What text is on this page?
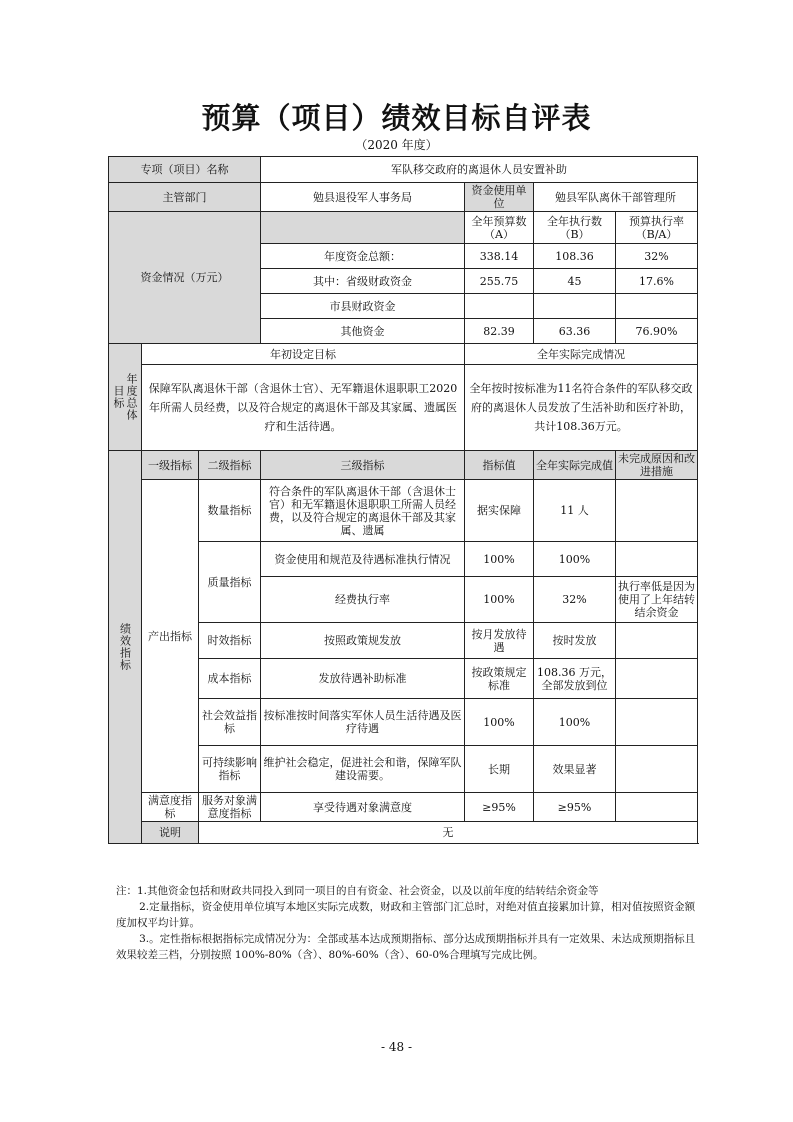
预算（项目）绩效目标自评表
（2020 年度）
专项（项目）名称			军队移交政府的离退休人员安置补助			
主管部门			勉县退役军人事务局	资金使用单位	勉县军队离休干部管理所	
资金情况（万元）				全年预算数（A）	全年执行数（B）	预算执行率（B/A）
			年度资金总额：	338.14	108.36	32%
			其中：省级财政资金	255.75	45	17.6%
			市县财政资金			
			其他资金	82.39	63.36	76.90%

年度总体目标	年初设定目标			全年实际完成情况		
	保障军队离退休干部（含退休士官）、无军籍退休退职职工2020 年所需人员经费，以及符合规定的离退休干部及其家属、遗属医疗和生活待遇。			全年按时按标准为11名符合条件的军队移交政府的离退休人员发放了生活补助和医疗补助，共计108.36万元。		

绩效指标	一级指标	二级指标	三级指标	指标值	全年实际完成值	未完成原因和改进措施
	产出指标	数量指标	符合条件的军队离退休干部（含退休士官）和无军籍退休退职职工所需人员经费，以及符合规定的离退休干部及其家属、遗属	据实保障	11 人	
		质量指标	资金使用和规范及待遇标准执行情况	100%	100%	
			经费执行率	100%	32%	执行率低是因为使用了上年结转结余资金
		时效指标	按照政策规发放	按月发放待遇	按时发放	
		成本指标	发放待遇补助标准	按政策规定标准	108.36 万元，全部发放到位	
		社会效益指标	按标准按时间落实军休人员生活待遇及医疗待遇	100%	100%	
		可持续影响指标	维护社会稳定，促进社会和谐，保障军队建设需要。	长期	效果显著	
	满意度指标	服务对象满意度指标	享受待遇对象满意度	≥95%	≥95%	
	说明	无				

注：1.其他资金包括和财政共同投入到同一项目的自有资金、社会资金，以及以前年度的结转结余资金等

2.定量指标，资金使用单位填写本地区实际完成数，财政和主管部门汇总时，对绝对值直接累加计算，相对值按照资金额度加权平均计算。

3.。定性指标根据指标完成情况分为：全部或基本达成预期指标、部分达成预期指标并具有一定效果、未达成预期指标且效果较差三档，分别按照 100%-80%（含）、80%-60%（含）、60-0%合理填写完成比例。

- 48 -
